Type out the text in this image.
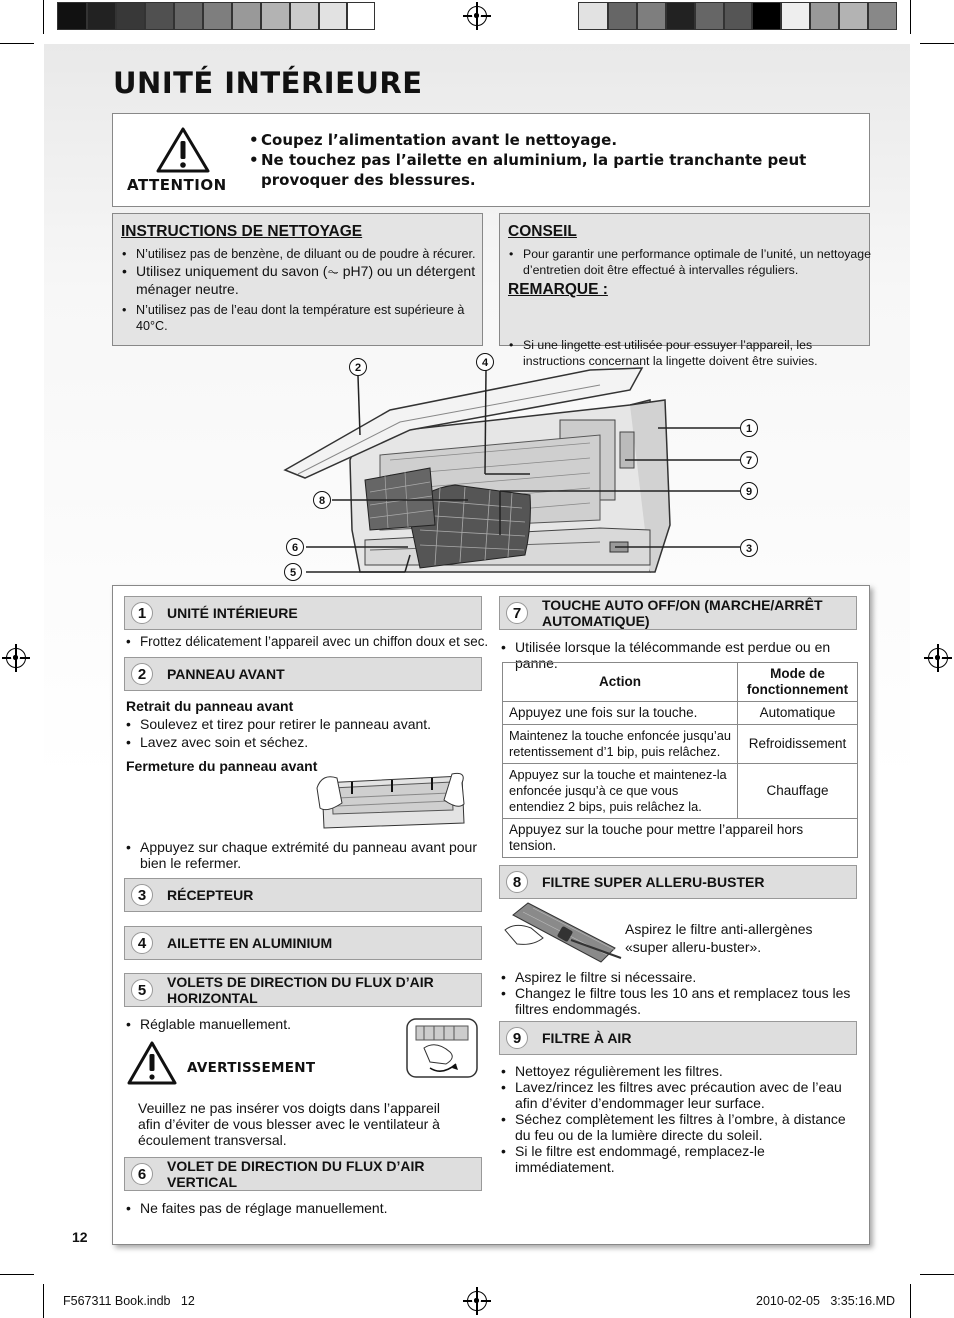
UNITÉ INTÉRIEURE
ATTENTION
• Coupez l’alimentation avant le nettoyage.
• Ne touchez pas l’ailette en aluminium, la partie tranchante peut provoquer des blessures.
INSTRUCTIONS DE NETTOYAGE
• N’utilisez pas de benzène, de diluant ou de poudre à récurer.
• Utilisez uniquement du savon (⏦ pH7) ou un détergent ménager neutre.
• N’utilisez pas de l’eau dont la température est supérieure à 40°C.
CONSEIL
• Pour garantir une performance optimale de l’unité, un nettoyage d’entretien doit être effectué à intervalles réguliers.
REMARQUE :
• Si une lingette est utilisée pour essuyer l’appareil, les instructions concernant la lingette doivent être suivies.
2	4
1
7
9
8
6	3
5
1	UNITÉ INTÉRIEURE
• Frottez délicatement l’appareil avec un chiffon doux et sec.
2	PANNEAU AVANT
Retrait du panneau avant
• Soulevez et tirez pour retirer le panneau avant.
• Lavez avec soin et séchez.
Fermeture du panneau avant
• Appuyez sur chaque extrémité du panneau avant pour bien le refermer.
3	RÉCEPTEUR
4	AILETTE EN ALUMINIUM
5	VOLETS DE DIRECTION DU FLUX D’AIR HORIZONTAL
• Réglable manuellement.
AVERTISSEMENT
Veuillez ne pas insérer vos doigts dans l’appareil afin d’éviter de vous blesser avec le ventilateur à écoulement transversal.
6	VOLET DE DIRECTION DU FLUX D’AIR VERTICAL
• Ne faites pas de réglage manuellement.
7	TOUCHE AUTO OFF/ON (MARCHE/ARRÊT AUTOMATIQUE)
• Utilisée lorsque la télécommande est perdue ou en panne.
Action	Mode de fonctionnement
Appuyez une fois sur la touche.	Automatique
Maintenez la touche enfoncée jusqu’au retentissement d’1 bip, puis relâchez.	Refroidissement
Appuyez sur la touche et maintenez-la enfoncée jusqu’à ce que vous entendiez 2 bips, puis relâchez la.	Chauffage
Appuyez sur la touche pour mettre l’appareil hors tension.	
8	FILTRE SUPER ALLERU-BUSTER
Aspirez le filtre anti-allergènes «super alleru-buster».
• Aspirez le filtre si nécessaire.
• Changez le filtre tous les 10 ans et remplacez tous les filtres endommagés.
9	FILTRE À AIR
• Nettoyez régulièrement les filtres.
• Lavez/rincez les filtres avec précaution avec de l’eau afin d’éviter d’endommager leur surface.
• Séchez complètement les filtres à l’ombre, à distance du feu ou de la lumière directe du soleil.
• Si le filtre est endommagé, remplacez-le immédiatement.
12
F567311 Book.indb   12	2010-02-05   3:35:16.MD
